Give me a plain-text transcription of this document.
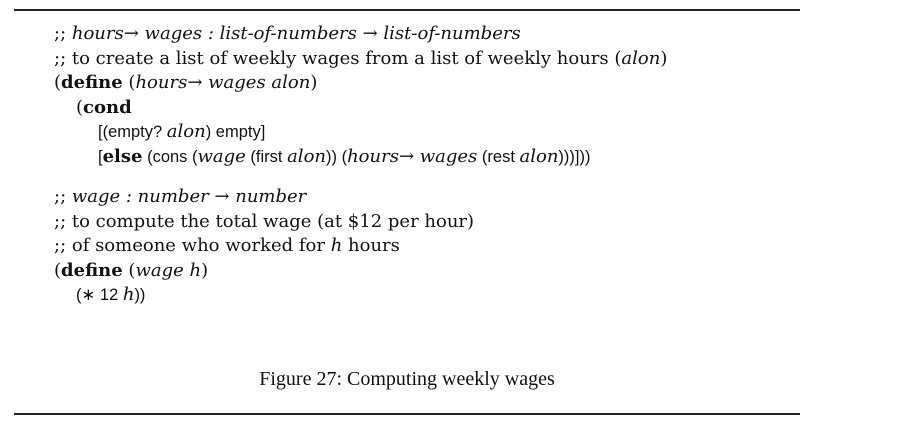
;; hours→ wages : list-of-numbers → list-of-numbers
;; to create a list of weekly wages from a list of weekly hours (alon)
(define (hours→ wages alon)
(cond
[(empty? alon) empty]
[else (cons (wage (first alon)) (hours→ wages (rest alon)))]))
;; wage : number → number
;; to compute the total wage (at $12 per hour)
;; of someone who worked for h hours
(define (wage h)
(∗ 12 h))
Figure 27: Computing weekly wages
